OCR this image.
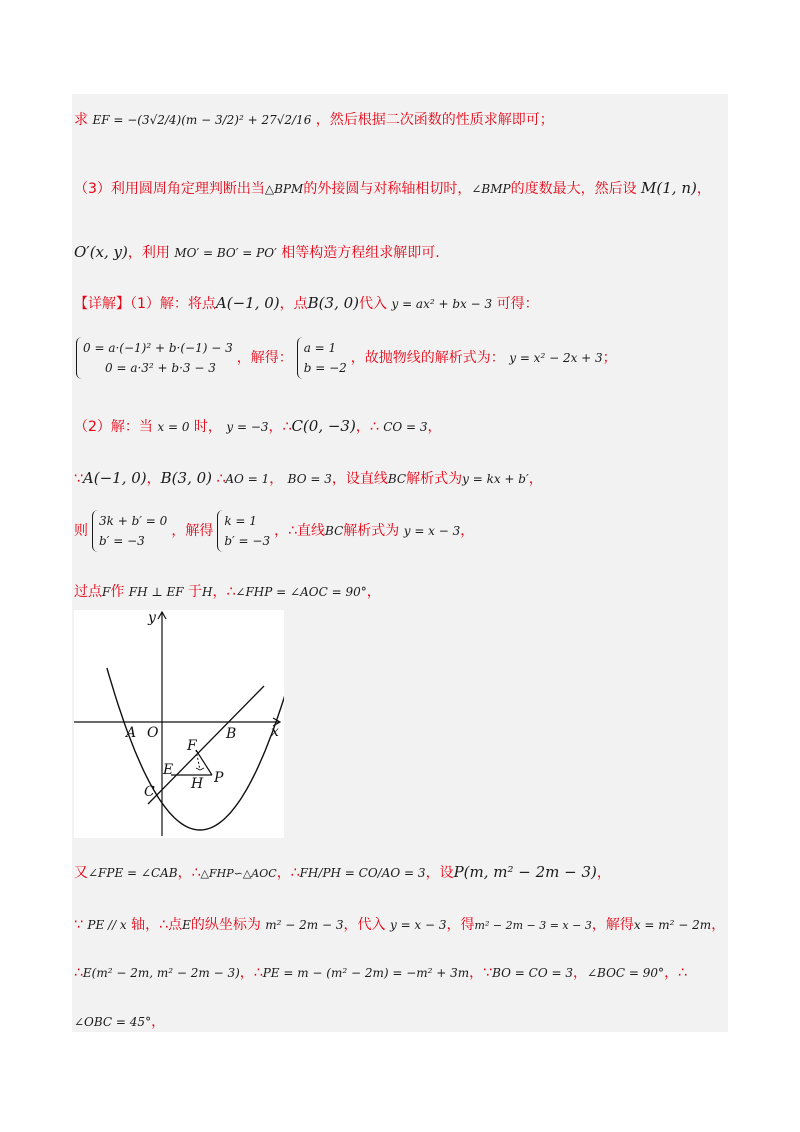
求 EF = −(3√2/4)(m − 3/2)² + 27√2/16 ，然后根据二次函数的性质求解即可；
（3）利用圆周角定理判断出当△BPM的外接圆与对称轴相切时，∠BMP的度数最大，然后设 M(1, n)，
O′(x, y)，利用 MO′ = BO′ = PO′ 相等构造方程组求解即可.
【详解】（1）解：将点A(−1, 0)，点B(3, 0)代入 y = ax² + bx − 3 可得：
0 = a·(−1)² + b·(−1) − 3
0 = a·3² + b·3 − 3
，解得：
a = 1
b = −2
，故抛物线的解析式为： y = x² − 2x + 3；
（2）解：当 x = 0 时， y = −3，∴C(0, −3)，∴ CO = 3，
∵A(−1, 0)，B(3, 0) ∴AO = 1， BO = 3，设直线BC解析式为y = kx + b′，
则
3k + b′ = 0
b′ = −3
，解得
k = 1
b′ = −3
，∴直线BC解析式为 y = x − 3，
过点F作 FH ⊥ EF 于H，∴∠FHP = ∠AOC = 90°，
y
x
A O	B
F
E
H P
C
又∠FPE = ∠CAB，∴△FHP∽△AOC，∴FH/PH = CO/AO = 3，设P(m, m² − 2m − 3)，
∵ PE // x 轴，∴点E的纵坐标为 m² − 2m − 3，代入 y = x − 3，得m² − 2m − 3 = x − 3，解得x = m² − 2m，
∴E(m² − 2m, m² − 2m − 3)，∴PE = m − (m² − 2m) = −m² + 3m，∵BO = CO = 3，∠BOC = 90°，∴
∠OBC = 45°，
